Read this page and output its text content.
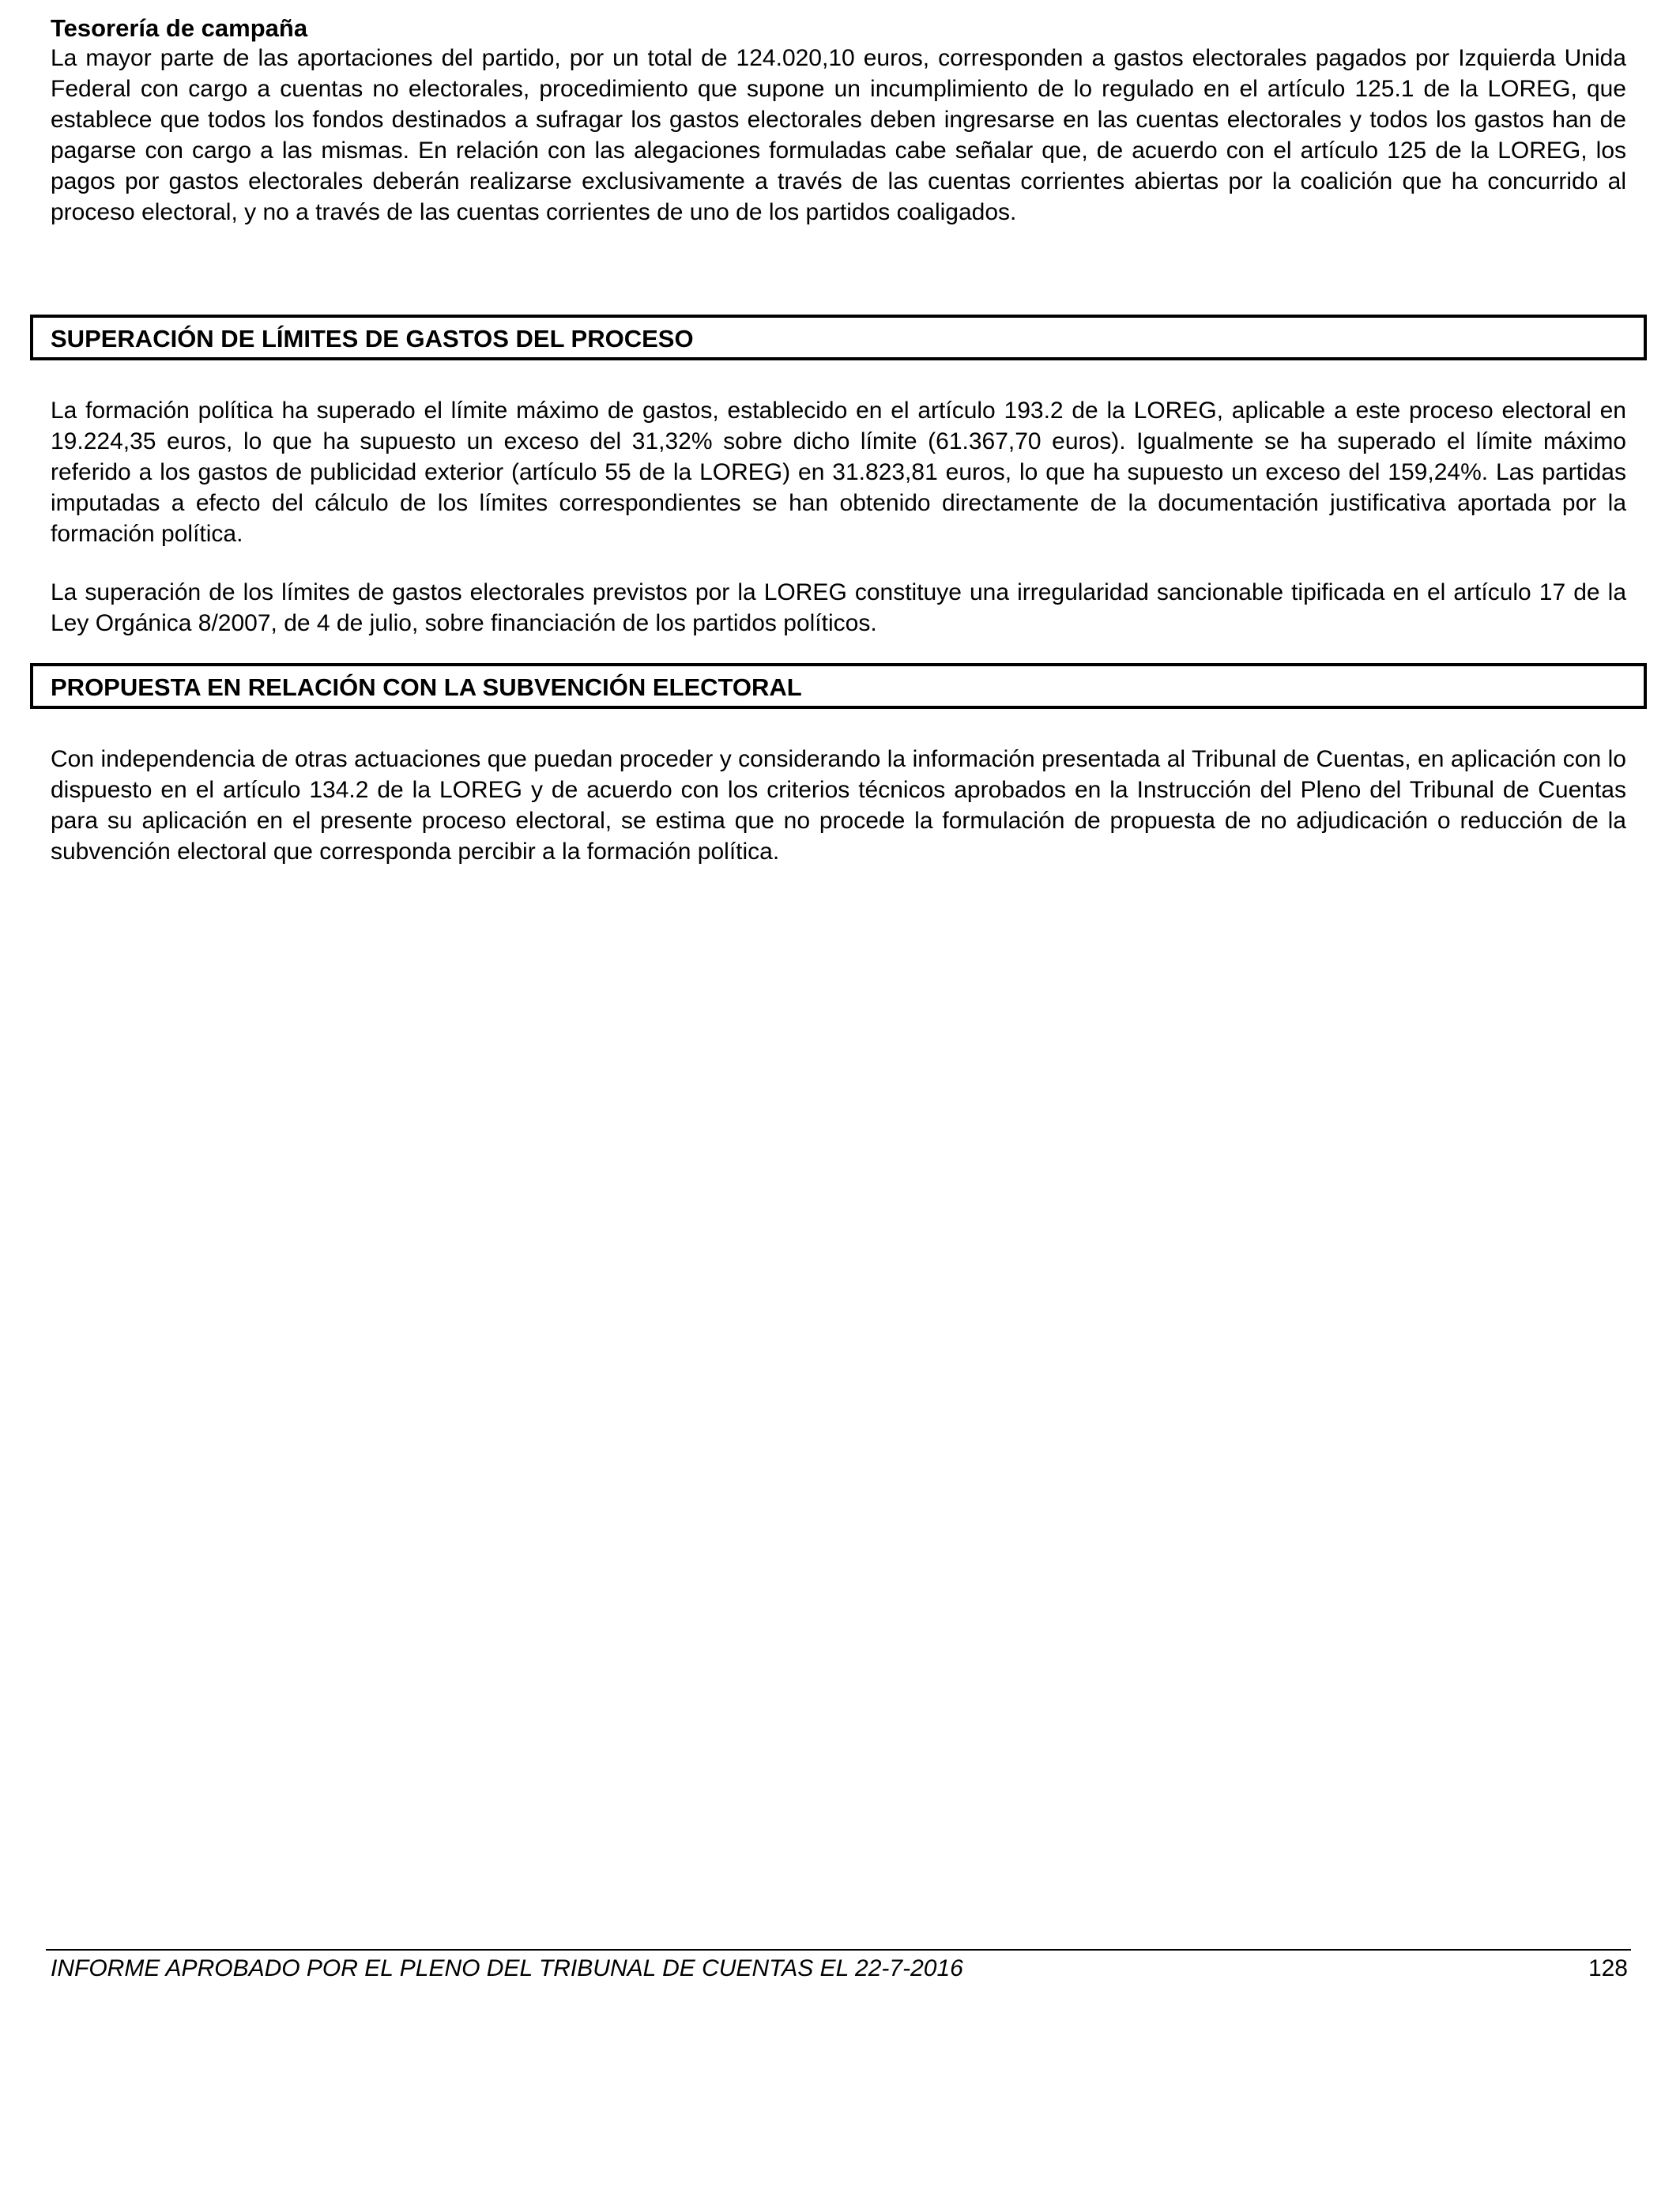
Tesorería de campaña

La mayor parte de las aportaciones del partido, por un total de 124.020,10 euros, corresponden a gastos electorales pagados por Izquierda Unida Federal con cargo a cuentas no electorales, procedimiento que supone un incumplimiento de lo regulado en el artículo 125.1 de la LOREG, que establece que todos los fondos destinados a sufragar los gastos electorales deben ingresarse en las cuentas electorales y todos los gastos han de pagarse con cargo a las mismas. En relación con las alegaciones formuladas cabe señalar que, de acuerdo con el artículo 125 de la LOREG, los pagos por gastos electorales deberán realizarse exclusivamente a través de las cuentas corrientes abiertas por la coalición que ha concurrido al proceso electoral, y no a través de las cuentas corrientes de uno de los partidos coaligados.

SUPERACIÓN DE LÍMITES DE GASTOS DEL PROCESO

La formación política ha superado el límite máximo de gastos, establecido en el artículo 193.2 de la LOREG, aplicable a este proceso electoral en 19.224,35 euros, lo que ha supuesto un exceso del 31,32% sobre dicho límite (61.367,70 euros). Igualmente se ha superado el límite máximo referido a los gastos de publicidad exterior (artículo 55 de la LOREG) en 31.823,81 euros, lo que ha supuesto un exceso del 159,24%. Las partidas imputadas a efecto del cálculo de los límites correspondientes se han obtenido directamente de la documentación justificativa aportada por la formación política.

La superación de los límites de gastos electorales previstos por la LOREG constituye una irregularidad sancionable tipificada en el artículo 17 de la Ley Orgánica 8/2007, de 4 de julio, sobre financiación de los partidos políticos.

PROPUESTA EN RELACIÓN CON LA SUBVENCIÓN ELECTORAL

Con independencia de otras actuaciones que puedan proceder y considerando la información presentada al Tribunal de Cuentas, en aplicación con lo dispuesto en el artículo 134.2 de la LOREG y de acuerdo con los criterios técnicos aprobados en la Instrucción del Pleno del Tribunal de Cuentas para su aplicación en el presente proceso electoral, se estima que no procede la formulación de propuesta de no adjudicación o reducción de la subvención electoral que corresponda percibir a la formación política.

INFORME APROBADO POR EL PLENO DEL TRIBUNAL DE CUENTAS EL 22-7-2016	128
